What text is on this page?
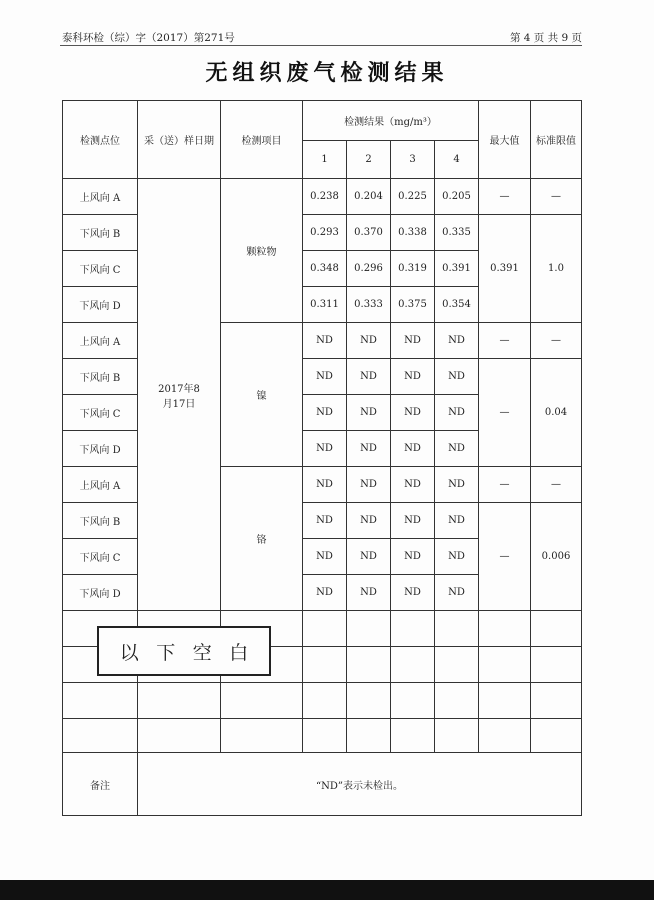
泰科环检（综）字（2017）第271号	第 4 页 共 9 页
无组织废气检测结果
检测点位	采（送）样日期	检测项目	检测结果（mg/m³）				最大值	标准限值
			1	2	3	4		
上风向 A	2017年8月17日	颗粒物	0.238	0.204	0.225	0.205	—	—
下风向 B			0.293	0.370	0.338	0.335	0.391	1.0
下风向 C			0.348	0.296	0.319	0.391		
下风向 D			0.311	0.333	0.375	0.354		
上风向 A		镍	ND	ND	ND	ND	—	—
下风向 B			ND	ND	ND	ND	—	0.04
下风向 C			ND	ND	ND	ND		
下风向 D			ND	ND	ND	ND		
上风向 A		铬	ND	ND	ND	ND	—	—
下风向 B			ND	ND	ND	ND	—	0.006
下风向 C			ND	ND	ND	ND		
下风向 D			ND	ND	ND	ND		

备注	“ND”表示未检出。							
以 下 空 白
